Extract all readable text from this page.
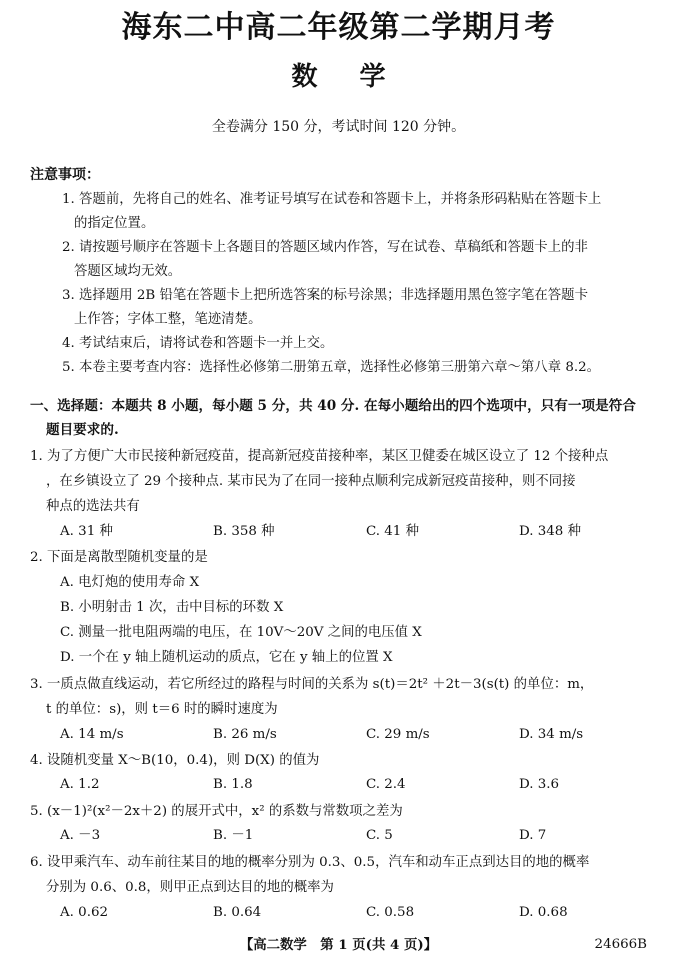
海东二中高二年级第二学期月考
数学
全卷满分 150 分，考试时间 120 分钟。
注意事项：
1. 答题前，先将自己的姓名、准考证号填写在试卷和答题卡上，并将条形码粘贴在答题卡上
的指定位置。
2. 请按题号顺序在答题卡上各题目的答题区域内作答，写在试卷、草稿纸和答题卡上的非
答题区域均无效。
3. 选择题用 2B 铅笔在答题卡上把所选答案的标号涂黑；非选择题用黑色签字笔在答题卡
上作答；字体工整，笔迹清楚。
4. 考试结束后，请将试卷和答题卡一并上交。
5. 本卷主要考查内容：选择性必修第二册第五章，选择性必修第三册第六章～第八章 8.2。
一、选择题：本题共 8 小题，每小题 5 分，共 40 分. 在每小题给出的四个选项中，只有一项是符合
题目要求的.
1. 为了方便广大市民接种新冠疫苗，提高新冠疫苗接种率，某区卫健委在城区设立了 12 个接种点
，在乡镇设立了 29 个接种点. 某市民为了在同一接种点顺利完成新冠疫苗接种，则不同接
种点的选法共有
A. 31 种	B. 358 种	C. 41 种	D. 348 种
2. 下面是离散型随机变量的是
A. 电灯炮的使用寿命 X
B. 小明射击 1 次，击中目标的环数 X
C. 测量一批电阻两端的电压，在 10V～20V 之间的电压值 X
D. 一个在 y 轴上随机运动的质点，它在 y 轴上的位置 X
3. 一质点做直线运动，若它所经过的路程与时间的关系为 s(t)＝2t² ＋2t－3(s(t) 的单位：m，
t 的单位：s)，则 t＝6 时的瞬时速度为
A. 14 m/s	B. 26 m/s	C. 29 m/s	D. 34 m/s
4. 设随机变量 X～B(10，0.4)，则 D(X) 的值为
A. 1.2	B. 1.8	C. 2.4	D. 3.6
5. (x－1)²(x²－2x＋2) 的展开式中，x² 的系数与常数项之差为
A. －3	B. －1	C. 5	D. 7
6. 设甲乘汽车、动车前往某目的地的概率分别为 0.3、0.5，汽车和动车正点到达目的地的概率
分别为 0.6、0.8，则甲正点到达目的地的概率为
A. 0.62	B. 0.64	C. 0.58	D. 0.68
【高二数学　第 1 页(共 4 页)】	24666B
